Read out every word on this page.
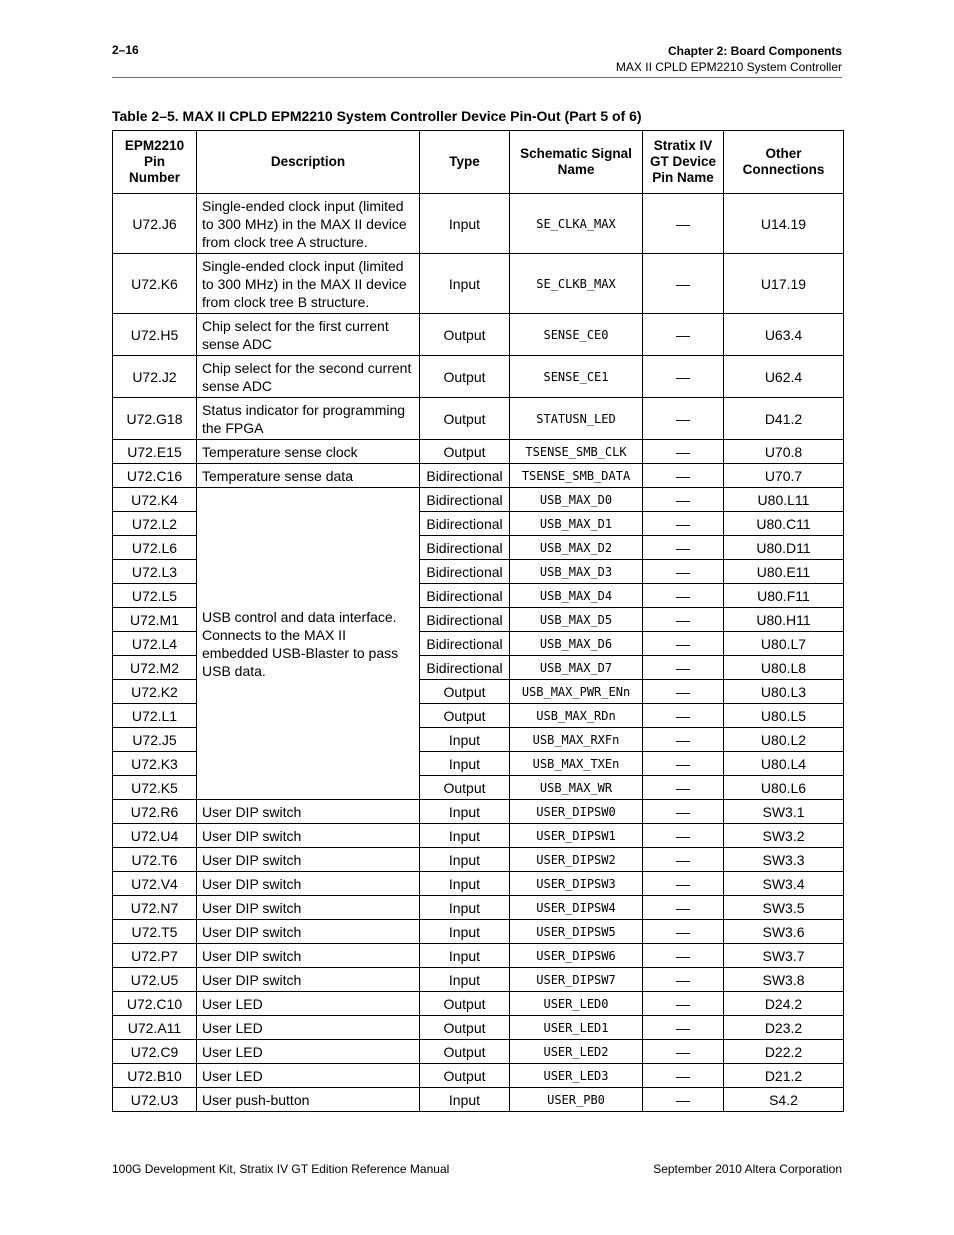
2–16	Chapter 2: Board Components
MAX II CPLD EPM2210 System Controller
Table 2–5. MAX II CPLD EPM2210 System Controller Device Pin-Out (Part 5 of 6)
EPM2210 Pin Number	Description	Type	Schematic Signal Name	Stratix IV GT Device Pin Name	Other Connections
U72.J6	Single-ended clock input (limited to 300 MHz) in the MAX II device from clock tree A structure.	Input	SE_CLKA_MAX	—	U14.19
U72.K6	Single-ended clock input (limited to 300 MHz) in the MAX II device from clock tree B structure.	Input	SE_CLKB_MAX	—	U17.19
U72.H5	Chip select for the first current sense ADC	Output	SENSE_CE0	—	U63.4
U72.J2	Chip select for the second current sense ADC	Output	SENSE_CE1	—	U62.4
U72.G18	Status indicator for programming the FPGA	Output	STATUSN_LED	—	D41.2
U72.E15	Temperature sense clock	Output	TSENSE_SMB_CLK	—	U70.8
U72.C16	Temperature sense data	Bidirectional	TSENSE_SMB_DATA	—	U70.7
U72.K4	USB control and data interface. Connects to the MAX II embedded USB-Blaster to pass USB data.	Bidirectional	USB_MAX_D0	—	U80.L11
U72.L2		Bidirectional	USB_MAX_D1	—	U80.C11
U72.L6		Bidirectional	USB_MAX_D2	—	U80.D11
U72.L3		Bidirectional	USB_MAX_D3	—	U80.E11
U72.L5		Bidirectional	USB_MAX_D4	—	U80.F11
U72.M1		Bidirectional	USB_MAX_D5	—	U80.H11
U72.L4		Bidirectional	USB_MAX_D6	—	U80.L7
U72.M2		Bidirectional	USB_MAX_D7	—	U80.L8
U72.K2		Output	USB_MAX_PWR_ENn	—	U80.L3
U72.L1		Output	USB_MAX_RDn	—	U80.L5
U72.J5		Input	USB_MAX_RXFn	—	U80.L2
U72.K3		Input	USB_MAX_TXEn	—	U80.L4
U72.K5		Output	USB_MAX_WR	—	U80.L6
U72.R6	User DIP switch	Input	USER_DIPSW0	—	SW3.1
U72.U4	User DIP switch	Input	USER_DIPSW1	—	SW3.2
U72.T6	User DIP switch	Input	USER_DIPSW2	—	SW3.3
U72.V4	User DIP switch	Input	USER_DIPSW3	—	SW3.4
U72.N7	User DIP switch	Input	USER_DIPSW4	—	SW3.5
U72.T5	User DIP switch	Input	USER_DIPSW5	—	SW3.6
U72.P7	User DIP switch	Input	USER_DIPSW6	—	SW3.7
U72.U5	User DIP switch	Input	USER_DIPSW7	—	SW3.8
U72.C10	User LED	Output	USER_LED0	—	D24.2
U72.A11	User LED	Output	USER_LED1	—	D23.2
U72.C9	User LED	Output	USER_LED2	—	D22.2
U72.B10	User LED	Output	USER_LED3	—	D21.2
U72.U3	User push-button	Input	USER_PB0	—	S4.2
100G Development Kit, Stratix IV GT Edition Reference Manual	September 2010 Altera Corporation
